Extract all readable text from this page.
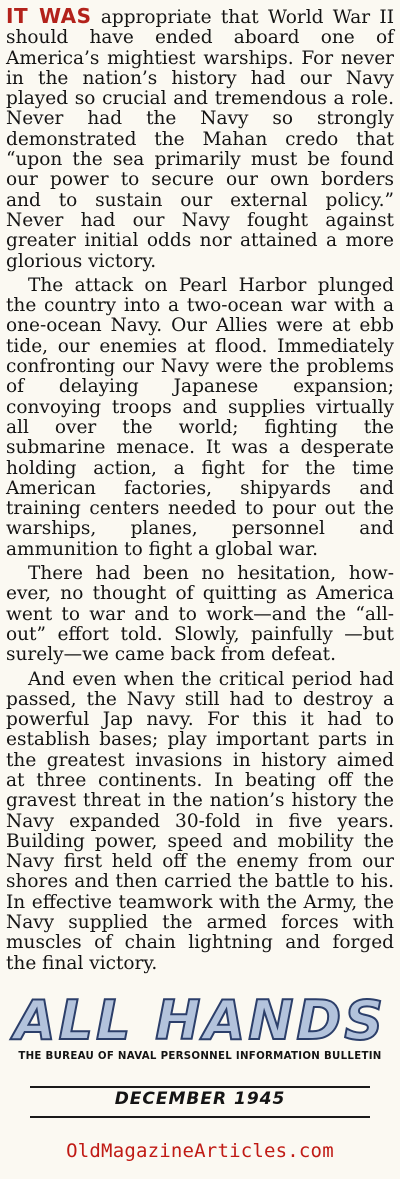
IT WAS appropriate that World War II should have ended aboard one of America’s mightiest warships. For never in the nation’s history had our Navy played so crucial and tremendous a role. Never had the Navy so strongly demonstrated the Mahan credo that “upon the sea primarily must be found our power to secure our own borders and to sustain our external policy.” Never had our Navy fought against greater initial odds nor attained a more glorious victory.

The attack on Pearl Harbor plunged the country into a two-ocean war with a one-ocean Navy. Our Allies were at ebb tide, our enemies at flood. Immediately confronting our Navy were the problems of delaying Japanese expansion; convoying troops and supplies virtually all over the world; fighting the submarine menace. It was a desperate holding action, a fight for the time American factories, shipyards and training centers needed to pour out the warships, planes, personnel and ammunition to fight a global war.

There had been no hesitation, however, no thought of quitting as America went to war and to work—and the “all-out” effort told. Slowly, painfully —but surely—we came back from defeat.

And even when the critical period had passed, the Navy still had to destroy a powerful Jap navy. For this it had to establish bases; play important parts in the greatest invasions in history aimed at three continents. In beating off the gravest threat in the nation’s history the Navy expanded 30-fold in five years. Building power, speed and mobility the Navy first held off the enemy from our shores and then carried the battle to his. In effective teamwork with the Army, the Navy supplied the armed forces with muscles of chain lightning and forged the final victory.

ALL HANDS
THE BUREAU OF NAVAL PERSONNEL INFORMATION BULLETIN
DECEMBER 1945
OldMagazineArticles.com
